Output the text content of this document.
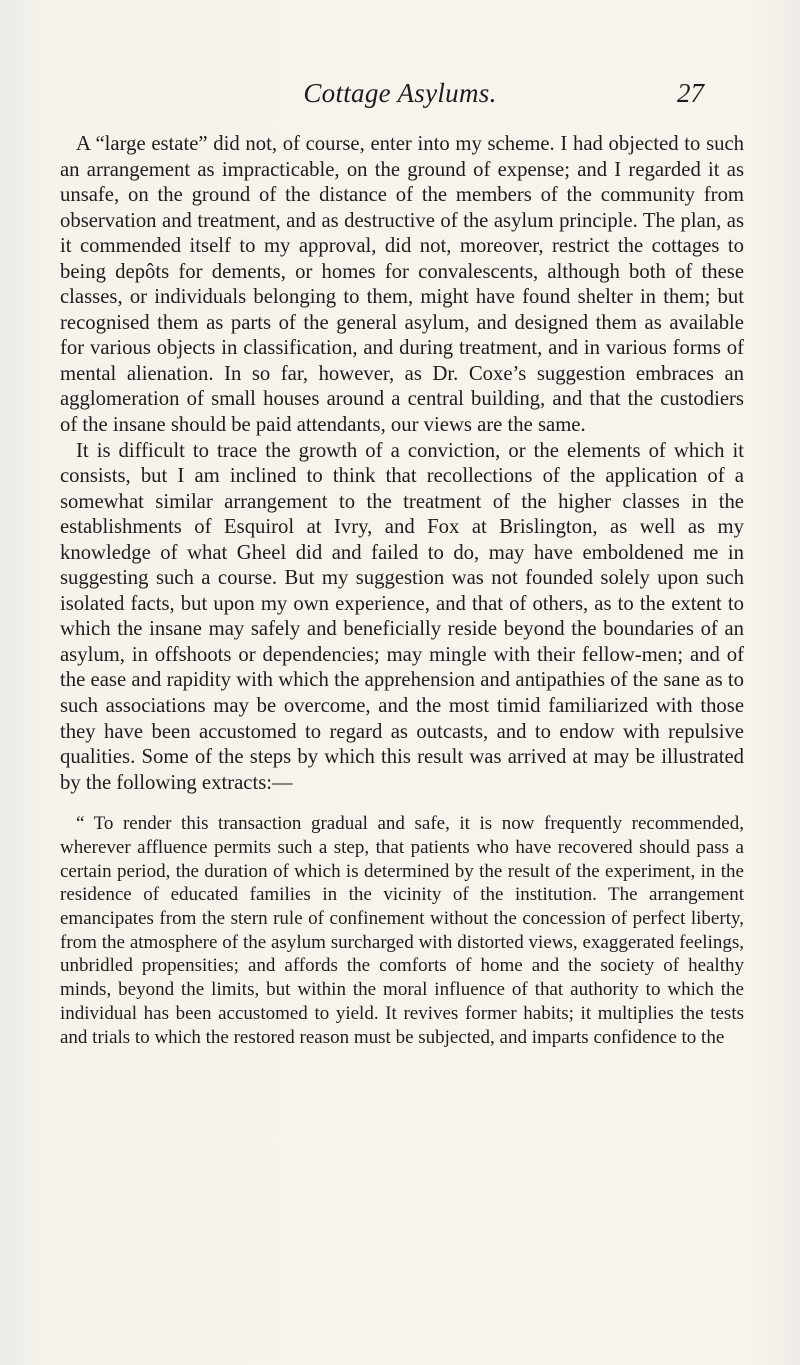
Cottage Asylums.	27

A “large estate” did not, of course, enter into my scheme. I had objected to such an arrangement as impracticable, on the ground of expense; and I regarded it as unsafe, on the ground of the distance of the members of the community from observation and treatment, and as destructive of the asylum principle. The plan, as it commended itself to my approval, did not, moreover, restrict the cottages to being depôts for dements, or homes for convalescents, although both of these classes, or individuals belonging to them, might have found shelter in them; but recognised them as parts of the general asylum, and designed them as available for various objects in classification, and during treatment, and in various forms of mental alienation. In so far, however, as Dr. Coxe’s suggestion embraces an agglomeration of small houses around a central building, and that the custodiers of the insane should be paid attendants, our views are the same.

It is difficult to trace the growth of a conviction, or the elements of which it consists, but I am inclined to think that recollections of the application of a somewhat similar arrangement to the treatment of the higher classes in the establishments of Esquirol at Ivry, and Fox at Brislington, as well as my knowledge of what Gheel did and failed to do, may have emboldened me in suggesting such a course. But my suggestion was not founded solely upon such isolated facts, but upon my own experience, and that of others, as to the extent to which the insane may safely and beneficially reside beyond the boundaries of an asylum, in offshoots or dependencies; may mingle with their fellow-men; and of the ease and rapidity with which the apprehension and antipathies of the sane as to such associations may be overcome, and the most timid familiarized with those they have been accustomed to regard as outcasts, and to endow with repulsive qualities. Some of the steps by which this result was arrived at may be illustrated by the following extracts:—

“ To render this transaction gradual and safe, it is now frequently recommended, wherever affluence permits such a step, that patients who have recovered should pass a certain period, the duration of which is determined by the result of the experiment, in the residence of educated families in the vicinity of the institution. The arrangement emancipates from the stern rule of confinement without the concession of perfect liberty, from the atmosphere of the asylum surcharged with distorted views, exaggerated feelings, unbridled propensities; and affords the comforts of home and the society of healthy minds, beyond the limits, but within the moral influence of that authority to which the individual has been accustomed to yield. It revives former habits; it multiplies the tests and trials to which the restored reason must be subjected, and imparts confidence to the
